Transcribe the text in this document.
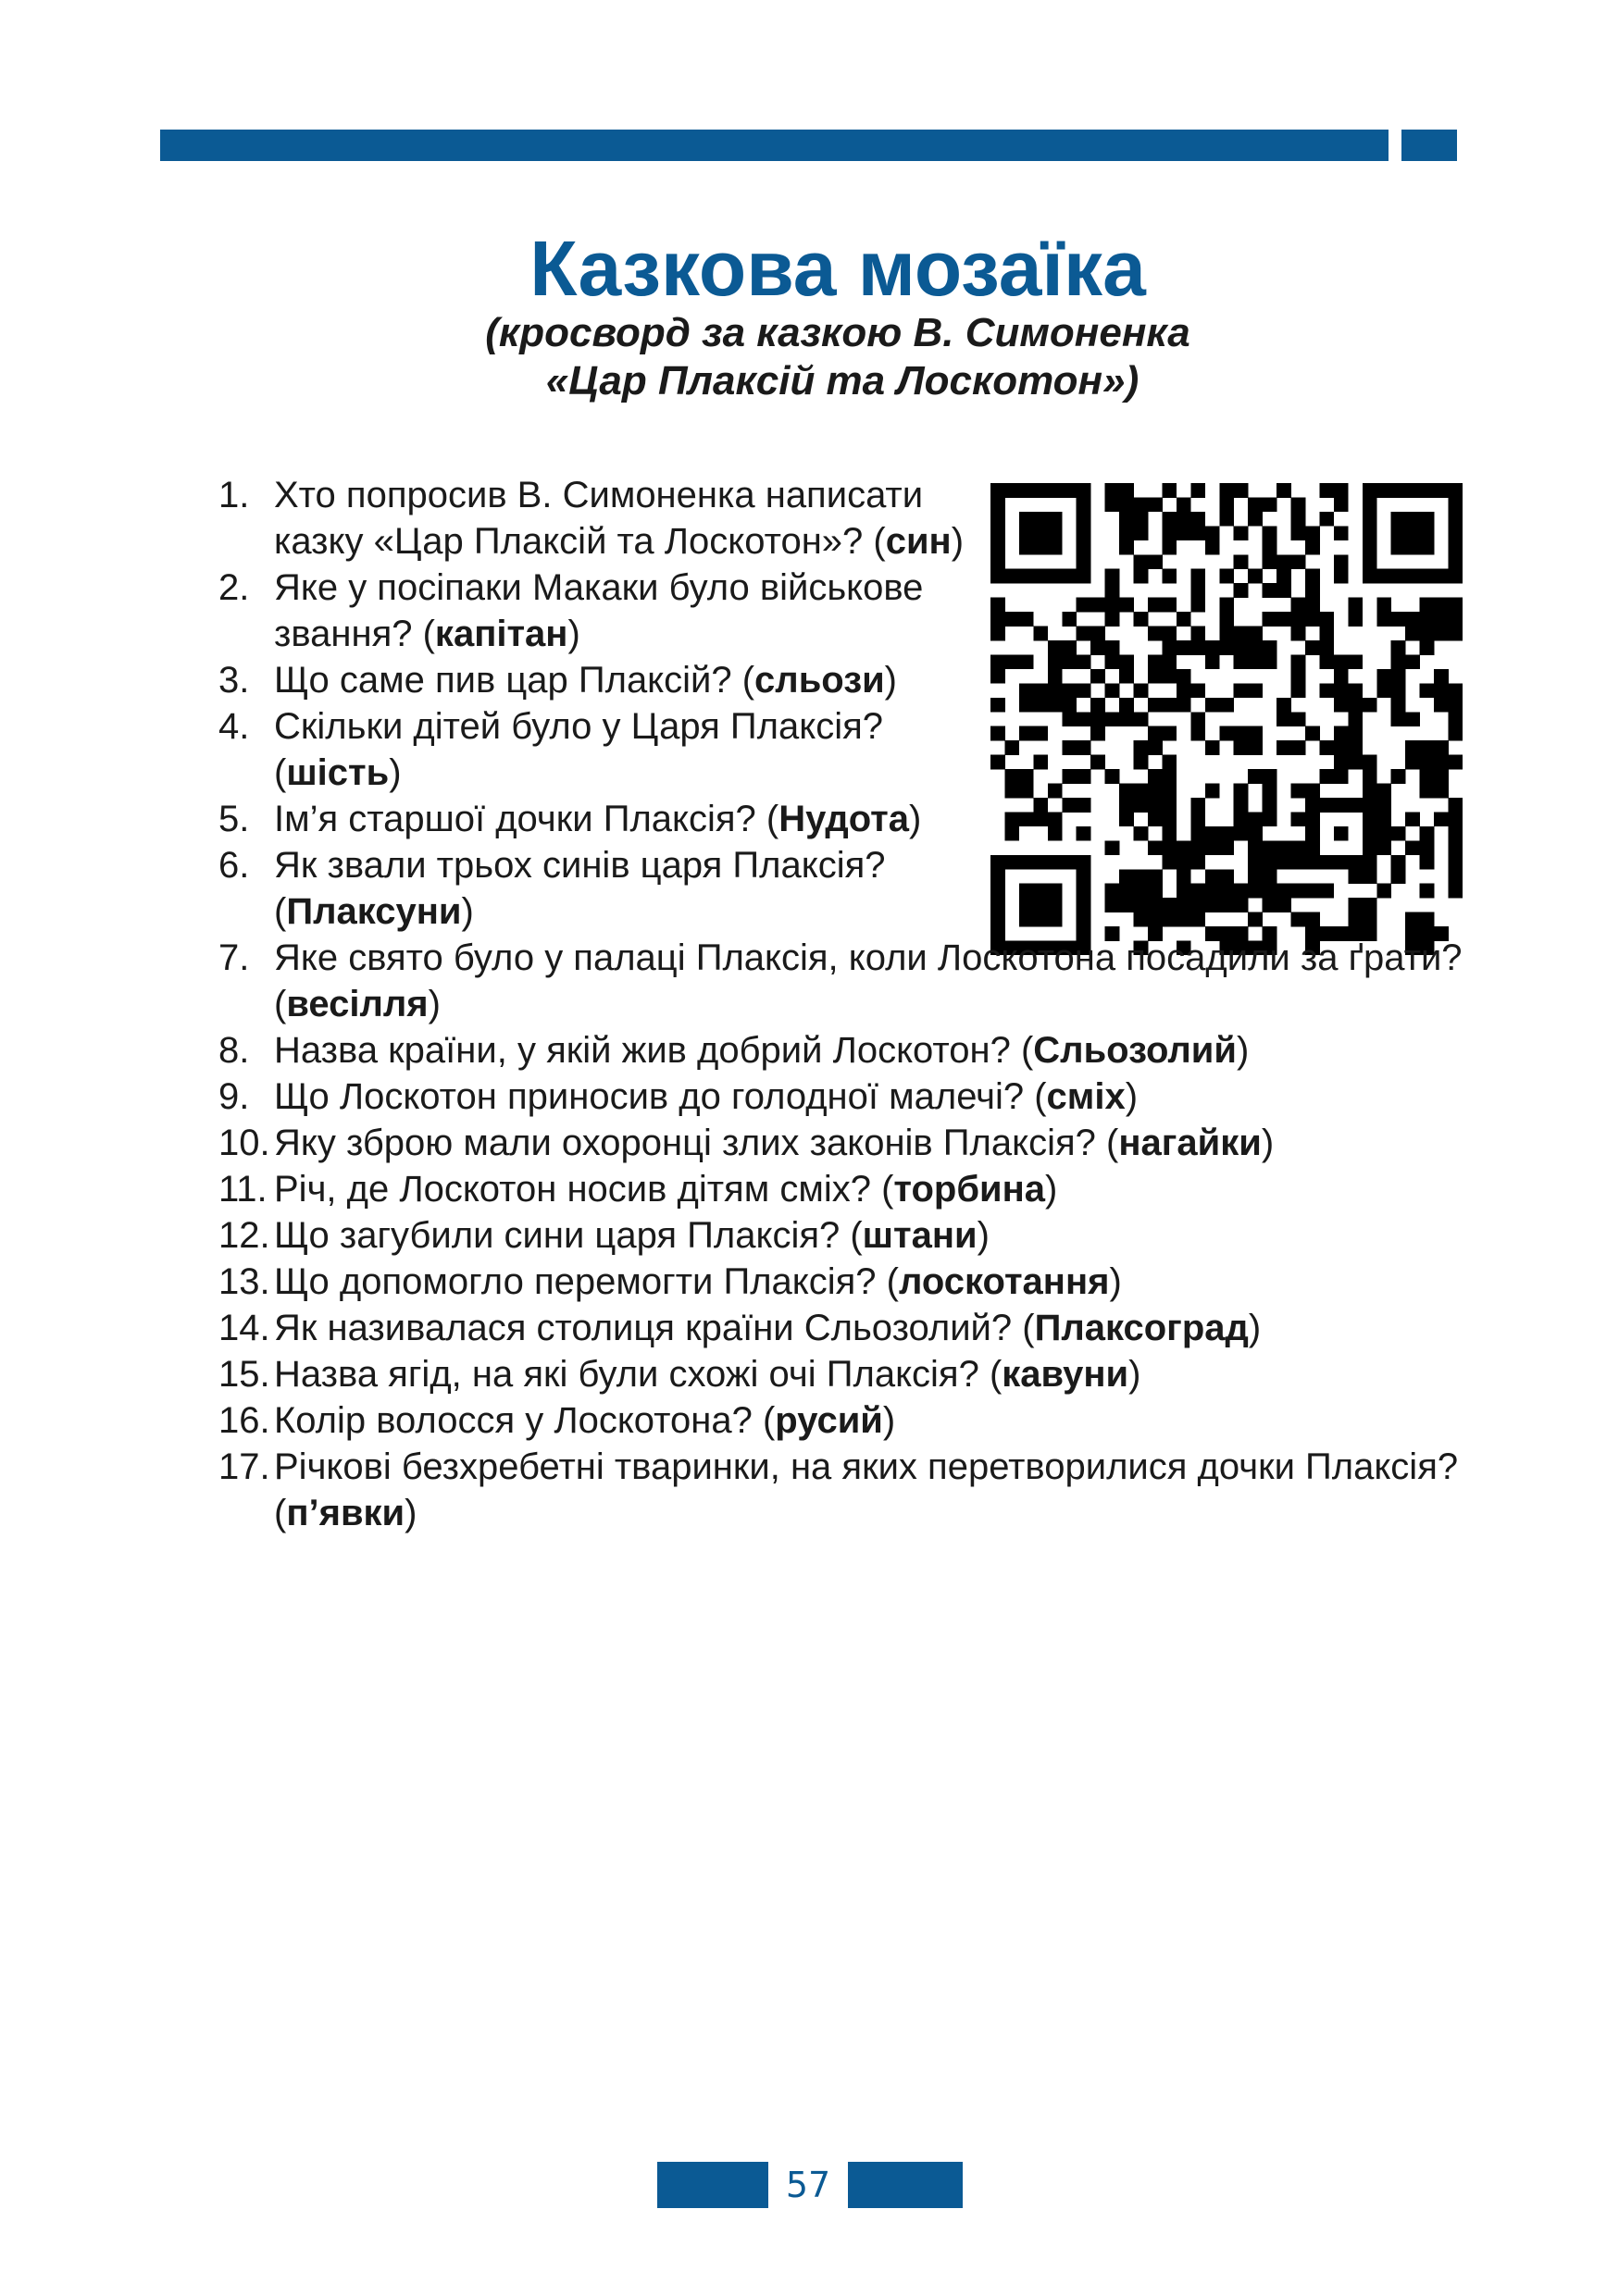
Казкова мозаїка
(кросворд за казкою В. Симоненка
«Цар Плаксій та Лоскотон»)
1. Хто попросив В. Симоненка написати казку «Цар Плаксій та Лоскотон»? (син)
2. Яке у посіпаки Макаки було військове звання? (капітан)
3. Що саме пив цар Плаксій? (сльози)
4. Скільки дітей було у Царя Плаксія? (шість)
5. Ім’я старшої дочки Плаксія? (Нудота)
6. Як звали трьох синів царя Плаксія? (Плаксуни)
7. Яке свято було у палаці Плаксія, коли Лоскотона посадили за ґрати? (весілля)
8. Назва країни, у якій жив добрий Лоскотон? (Сльозолий)
9. Що Лоскотон приносив до голодної малечі? (сміх)
10. Яку зброю мали охоронці злих законів Плаксія? (нагайки)
11. Річ, де Лоскотон носив дітям сміх? (торбина)
12. Що загубили сини царя Плаксія? (штани)
13. Що допомогло перемогти Плаксія? (лоскотання)
14. Як називалася столиця країни Сльозолий? (Плаксоград)
15. Назва ягід, на які були схожі очі Плаксія? (кавуни)
16. Колір волосся у Лоскотона? (русий)
17. Річкові безхребетні тваринки, на яких перетворилися дочки Плаксія? (п’явки)
57
